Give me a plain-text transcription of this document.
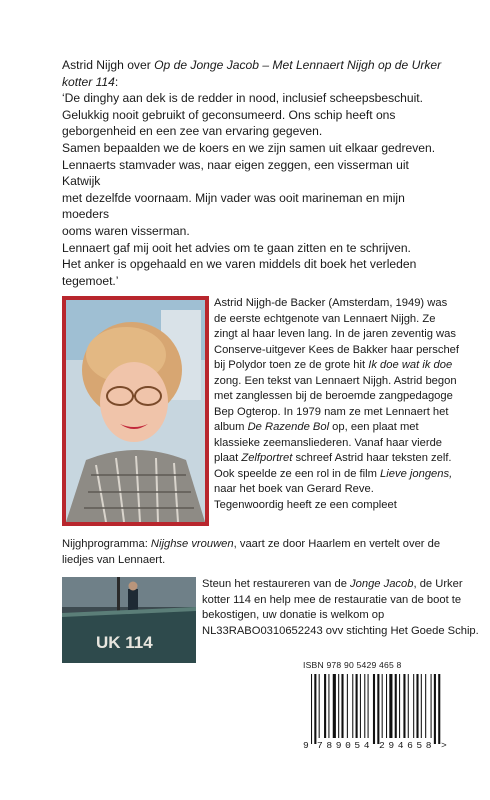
Astrid Nijgh over Op de Jonge Jacob – Met Lennaert Nijgh op de Urker
kotter 114:
‘De dinghy aan dek is de redder in nood, inclusief scheepsbeschuit.
Gelukkig nooit gebruikt of geconsumeerd. Ons schip heeft ons
geborgenheid en een zee van ervaring gegeven.
Samen bepaalden we de koers en we zijn samen uit elkaar gedreven.
Lennaerts stamvader was, naar eigen zeggen, een visserman uit Katwijk
met dezelfde voornaam. Mijn vader was ooit marineman en mijn moeders
ooms waren visserman.
Lennaert gaf mij ooit het advies om te gaan zitten en te schrijven.
Het anker is opgehaald en we varen middels dit boek het verleden
tegemoet.’

Astrid Nijgh-de Backer (Amsterdam, 1949) was
de eerste echtgenote van Lennaert Nijgh. Ze
zingt al haar leven lang. In de jaren zeventig was
Conserve-uitgever Kees de Bakker haar perschef
bij Polydor toen ze de grote hit Ik doe wat ik doe
zong. Een tekst van Lennaert Nijgh. Astrid begon
met zanglessen bij de beroemde zangpedagoge
Bep Ogterop. In 1979 nam ze met Lennaert het
album De Razende Bol op, een plaat met
klassieke zeemansliederen. Vanaf haar vierde
plaat Zelfportret schreef Astrid haar teksten zelf.
Ook speelde ze een rol in de film Lieve jongens,
naar het boek van Gerard Reve.
Tegenwoordig heeft ze een compleet
Nijghprogramma: Nijghse vrouwen, vaart ze door Haarlem en vertelt over de
liedjes van Lennaert.
UK 114
Steun het restaureren van de Jonge Jacob, de Urker
kotter 114 en help mee de restauratie van de boot te
bekostigen, uw donatie is welkom op
NL33RABO0310652243 ovv stichting Het Goede Schip.
ISBN 978 90 5429 465 8
9 789054 294658 >
